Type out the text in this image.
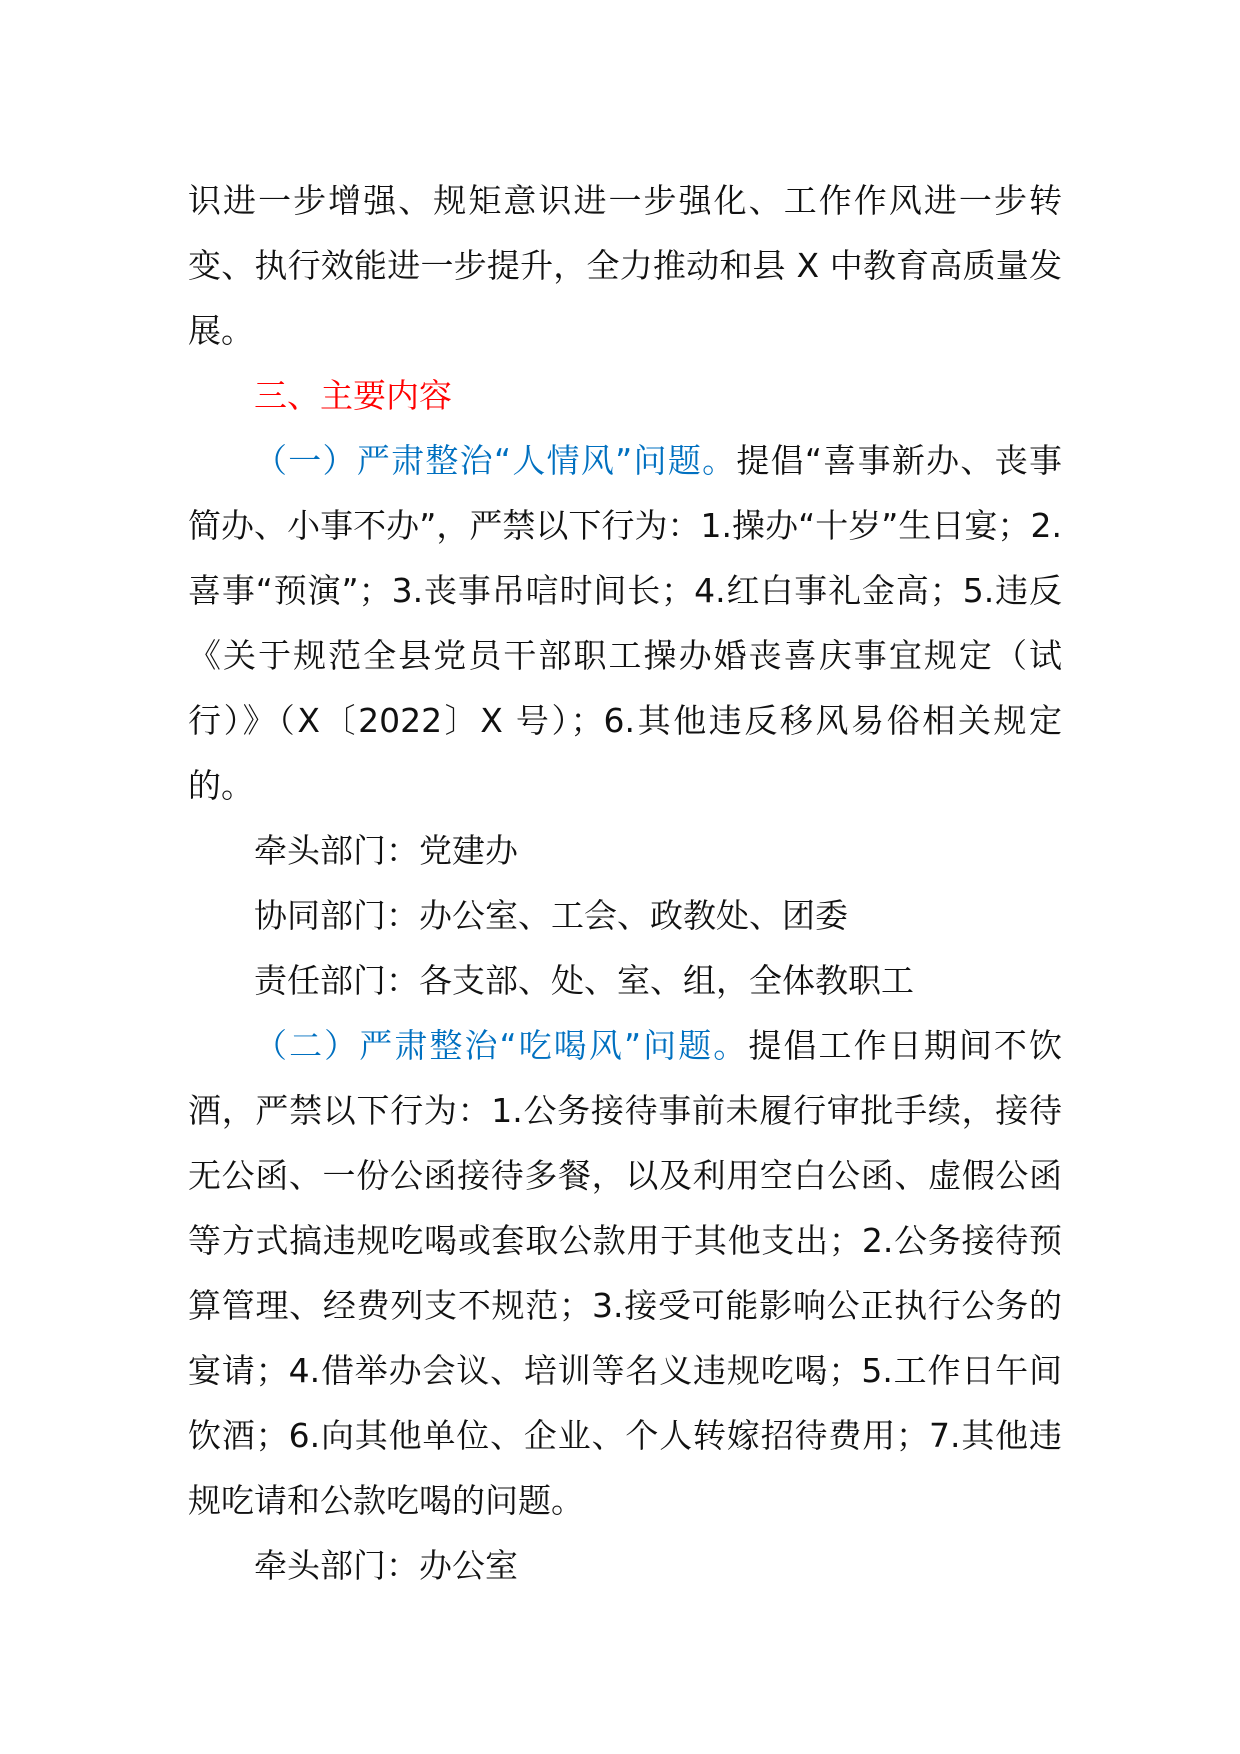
识进一步增强、规矩意识进一步强化、工作作风进一步转变、执行效能进一步提升，全力推动和县 X 中教育高质量发展。

三、主要内容

（一）严肃整治“人情风”问题。提倡“喜事新办、丧事简办、小事不办”，严禁以下行为：1.操办“十岁”生日宴；2.喜事“预演”；3.丧事吊唁时间长；4.红白事礼金高；5.违反《关于规范全县党员干部职工操办婚丧喜庆事宜规定（试行）》（X〔2022〕X 号）；6.其他违反移风易俗相关规定的。

牵头部门：党建办

协同部门：办公室、工会、政教处、团委

责任部门：各支部、处、室、组，全体教职工

（二）严肃整治“吃喝风”问题。提倡工作日期间不饮酒，严禁以下行为：1.公务接待事前未履行审批手续，接待无公函、一份公函接待多餐，以及利用空白公函、虚假公函等方式搞违规吃喝或套取公款用于其他支出；2.公务接待预算管理、经费列支不规范；3.接受可能影响公正执行公务的宴请；4.借举办会议、培训等名义违规吃喝；5.工作日午间饮酒；6.向其他单位、企业、个人转嫁招待费用；7.其他违规吃请和公款吃喝的问题。

牵头部门：办公室
